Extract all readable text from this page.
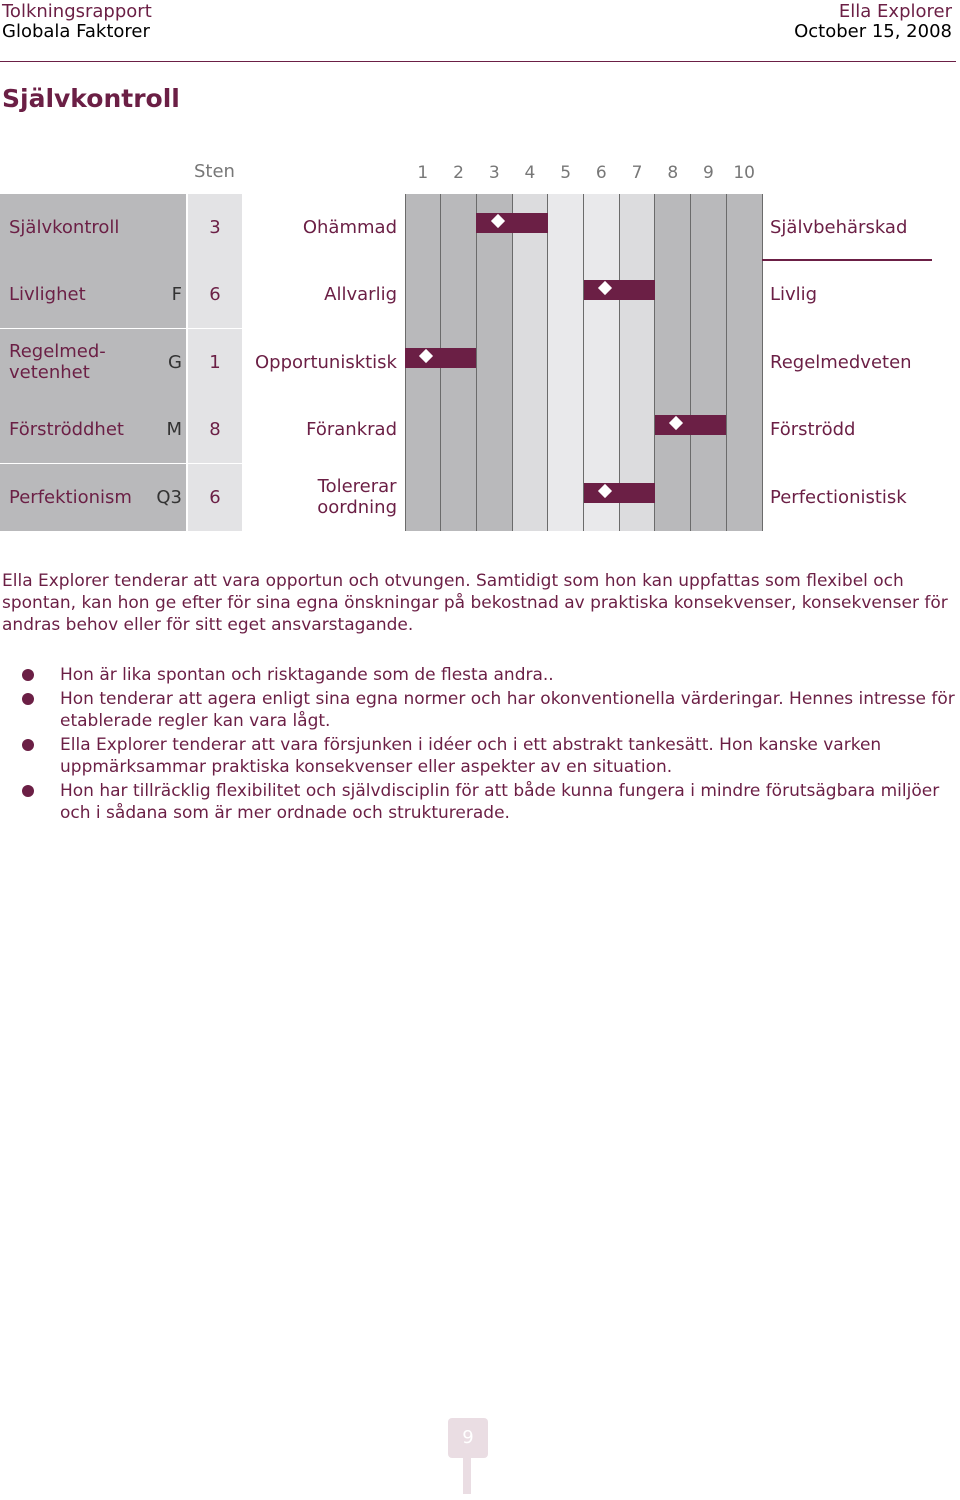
Tolkningsrapport
Globala Faktorer
Ella Explorer
October 15, 2008
Självkontroll
Sten	1	2	3	4	5	6	7	8	9	10
Självkontroll	3	Ohämmad	Självbehärskad
Livlighet	F	6	Allvarlig	Livlig
Regelmed-
vetenhet	G	1	Opportunisktisk	Regelmedveten
Förströddhet M	8	Förankrad	Förströdd
Perfektionism Q3	6	Tolererar
oordning	Perfectionistisk
Ella Explorer tenderar att vara opportun och otvungen. Samtidigt som hon kan uppfattas som flexibel och spontan, kan hon ge efter för sina egna önskningar på bekostnad av praktiska konsekvenser, konsekvenser för andras behov eller för sitt eget ansvarstagande.
Hon är lika spontan och risktagande som de flesta andra..
Hon tenderar att agera enligt sina egna normer och har okonventionella värderingar. Hennes intresse för etablerade regler kan vara lågt.
Ella Explorer tenderar att vara försjunken i idéer och i ett abstrakt tankesätt. Hon kanske varken uppmärksammar praktiska konsekvenser eller aspekter av en situation.
Hon har tillräcklig flexibilitet och självdisciplin för att både kunna fungera i mindre förutsägbara miljöer och i sådana som är mer ordnade och strukturerade.
9
